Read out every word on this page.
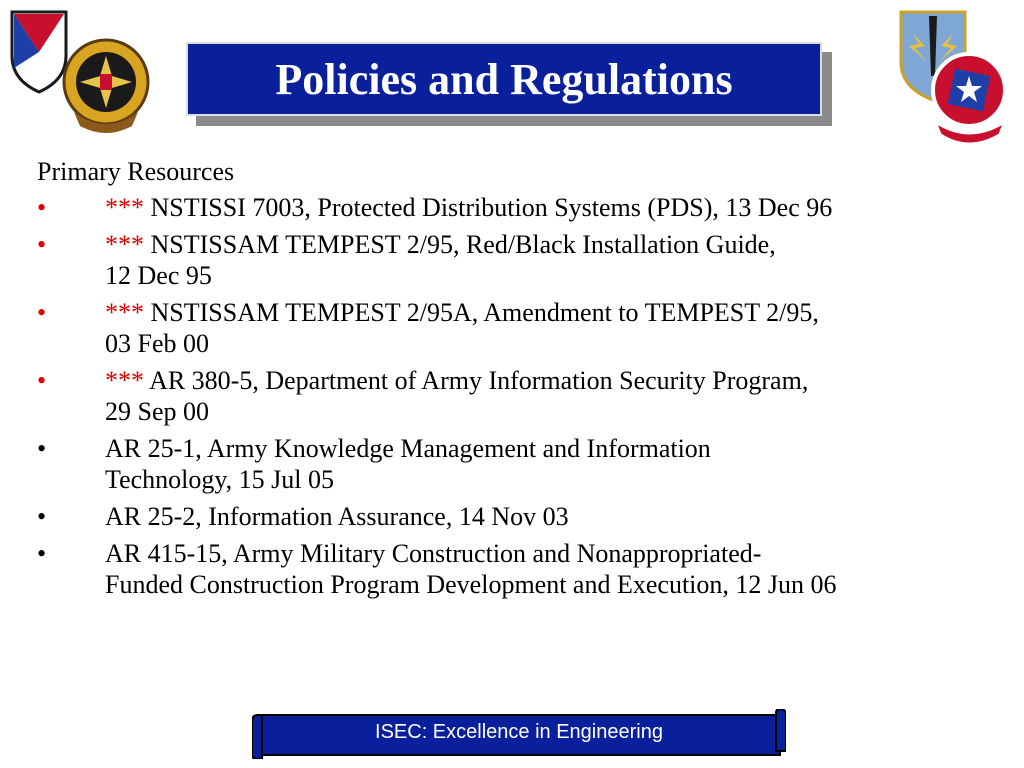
Policies and Regulations
Primary Resources
• *** NSTISSI 7003, Protected Distribution Systems (PDS), 13 Dec 96
• *** NSTISSAM TEMPEST 2/95, Red/Black Installation Guide,
12 Dec 95
• *** NSTISSAM TEMPEST 2/95A, Amendment to TEMPEST 2/95,
03 Feb 00
• *** AR 380-5, Department of Army Information Security Program,
29 Sep 00
• AR 25-1, Army Knowledge Management and Information
Technology, 15 Jul 05
• AR 25-2, Information Assurance, 14 Nov 03
• AR 415-15, Army Military Construction and Nonappropriated-
Funded Construction Program Development and Execution, 12 Jun 06
ISEC: Excellence in Engineering
